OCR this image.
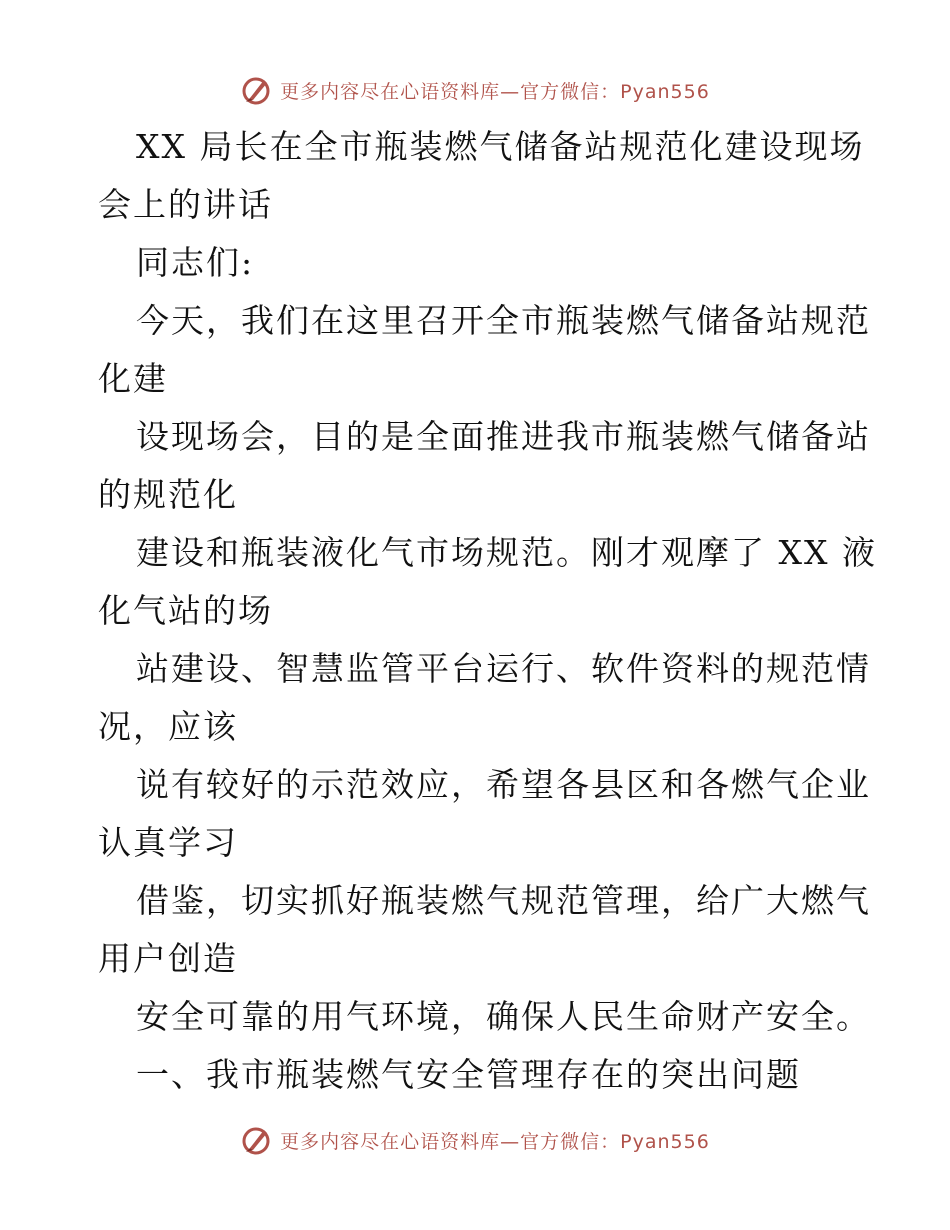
更多内容尽在心语资料库—官方微信：Pyan556
XX 局长在全市瓶装燃气储备站规范化建设现场
会上的讲话
同志们:
今天，我们在这里召开全市瓶装燃气储备站规范
化建
设现场会，目的是全面推进我市瓶装燃气储备站
的规范化
建设和瓶装液化气市场规范。刚才观摩了 XX 液
化气站的场
站建设、智慧监管平台运行、软件资料的规范情
况，应该
说有较好的示范效应，希望各县区和各燃气企业
认真学习
借鉴，切实抓好瓶装燃气规范管理，给广大燃气
用户创造
安全可靠的用气环境，确保人民生命财产安全。
一、我市瓶装燃气安全管理存在的突出问题
更多内容尽在心语资料库—官方微信：Pyan556
